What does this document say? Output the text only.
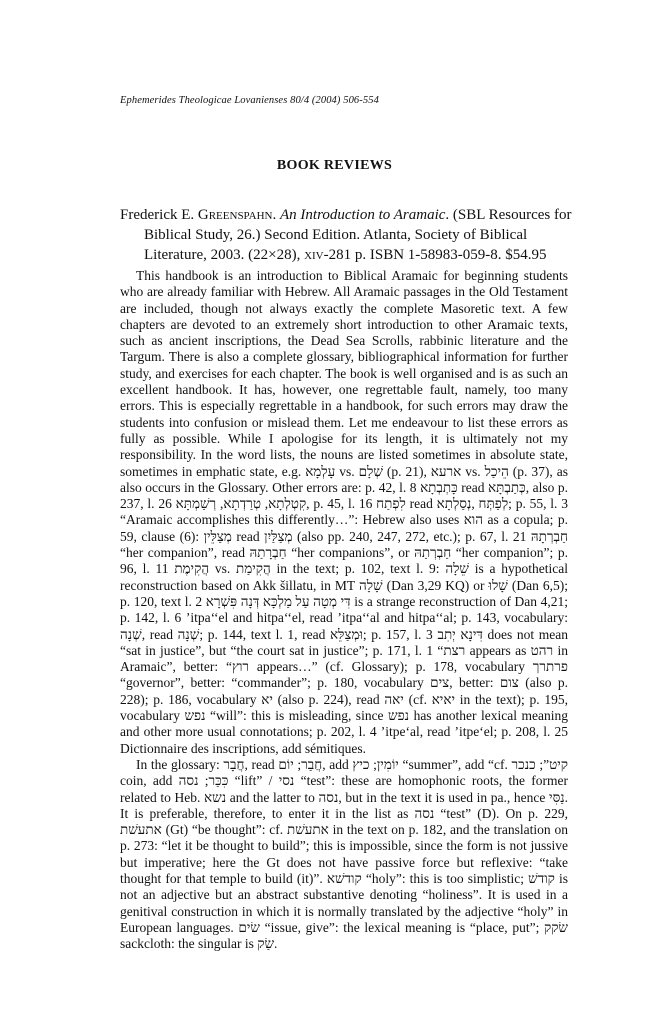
Ephemerides Theologicae Lovanienses 80/4 (2004) 506-554
BOOK REVIEWS
Frederick E. Greenspahn. An Introduction to Aramaic. (SBL Resources for Biblical Study, 26.) Second Edition. Atlanta, Society of Biblical Literature, 2003. (22×28), xiv-281 p. ISBN 1-58983-059-8. $54.95

This handbook is an introduction to Biblical Aramaic for beginning students who are already familiar with Hebrew. All Aramaic passages in the Old Testament are included, though not always exactly the complete Masoretic text. A few chapters are devoted to an extremely short introduction to other Aramaic texts, such as ancient inscriptions, the Dead Sea Scrolls, rabbinic literature and the Targum. There is also a complete glossary, bibliographical information for further study, and exercises for each chapter. The book is well organised and is as such an excellent handbook. It has, however, one regrettable fault, namely, too many errors. This is especially regrettable in a handbook, for such errors may draw the students into confusion or mislead them. Let me endeavour to list these errors as fully as possible. While I apologise for its length, it is ultimately not my responsibility. In the word lists, the nouns are listed sometimes in absolute state, sometimes in emphatic state, e.g. עָלְמָא vs. שְׁלָם (p. 21), ארעא vs. הֵיכַל (p. 37), as also occurs in the Glossary. Other errors are: p. 42, l. 8 כָּתְבְתָא read כְּתַבְתָּא, also p. 237, l. 26 קִטְלְתָא, טְרַדְתָא, רְשַׁמְתָּא, p. 45, l. 16 לִפְתַח read לְפַתְּח ,נְסַלְתָא; p. 55, l. 3 “Aramaic accomplishes this differently…”: Hebrew also uses הוא as a copula; p. 59, clause (6): מְצַלֵּין read מְצַלַּיִן (also pp. 240, 247, 272, etc.); p. 67, l. 21 חַבְרְתָהּ “her companion”, read חַבְרָתַהּ “her companions”, or חַבְרְתַהּ “her companion”; p. 96, l. 11 הֲקִימֶת vs. הֲקִימַת in the text; p. 102, text l. 9: שֵׁלָה is a hypothetical reconstruction based on Akk šillatu, in MT שָׁלָה (Dan 3,29 KQ) or שָׁלוּ (Dan 6,5); p. 120, text l. 2 דִּי מְטָה עַל מַלְכָּא דְּנָה פִּשְׁרָא is a strange reconstruction of Dan 4,21; p. 142, l. 6 ’itpa‘‘el and hitpa‘‘el, read ’itpa‘‘al and hitpa‘‘al; p. 143, vocabulary: שְׁנָה, read שְׁנָה; p. 144, text l. 1, read וּמְצַלֵּא; p. 157, l. 3 דִּינָא יְתִב does not mean “sat in justice”, but “the court sat in justice”; p. 171, l. 1 “רצת appears as רהט in Aramaic”, better: “רוץ appears…” (cf. Glossary); p. 178, vocabulary פרתרך “governor”, better: “commander”; p. 180, vocabulary צים, better: צום (also p. 228); p. 186, vocabulary יא (also p. 224), read יאה (cf. יאיא in the text); p. 195, vocabulary נפש “will”: this is misleading, since נפש has another lexical meaning and other more usual connotations; p. 202, l. 4 ’itpe‘al, read ’itpe‘el; p. 208, l. 25 Dictionnaire des inscriptions, add sémitiques.

In the glossary: חֲבָר, read חֲבַר; יוֹם, add יוֹמִין; כיץ “summer”, add “cf. קיט”; כנכר coin, add כִּכַּר; נסה “lift” / נסי “test”: these are homophonic roots, the former related to Heb. נשא and the latter to נסה, but in the text it is used in pa., hence נַסִּי. It is preferable, therefore, to enter it in the list as נסה “test” (D). On p. 229, אתעשׁת (Gt) “be thought”: cf. אתעשׁת in the text on p. 182, and the translation on p. 273: “let it be thought to build”; this is impossible, since the form is not jussive but imperative; here the Gt does not have passive force but reflexive: “take thought for that temple to build (it)”. קודשׁא “holy”: this is too simplistic; קודשׁ is not an adjective but an abstract substantive denoting “holiness”. It is used in a genitival construction in which it is normally translated by the adjective “holy” in European languages. שׂים “issue, give”: the lexical meaning is “place, put”; שׂקק sackcloth: the singular is שַׂק.
